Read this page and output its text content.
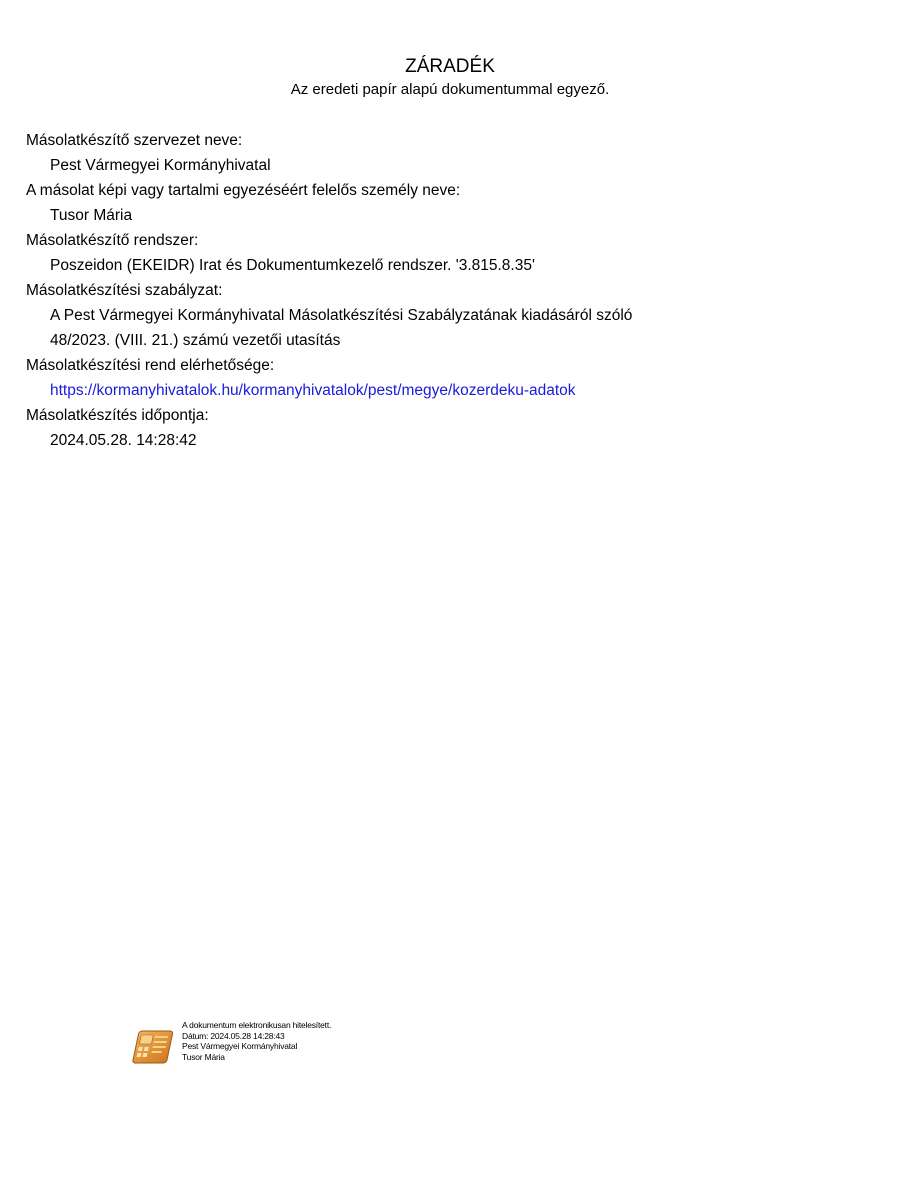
ZÁRADÉK
Az eredeti papír alapú dokumentummal egyező.
Másolatkészítő szervezet neve:
Pest Vármegyei Kormányhivatal
A másolat képi vagy tartalmi egyezéséért felelős személy neve:
Tusor Mária
Másolatkészítő rendszer:
Poszeidon (EKEIDR) Irat és Dokumentumkezelő rendszer. '3.815.8.35'
Másolatkészítési szabályzat:
A Pest Vármegyei Kormányhivatal Másolatkészítési Szabályzatának kiadásáról szóló
48/2023. (VIII. 21.) számú vezetői utasítás
Másolatkészítési rend elérhetősége:
https://kormanyhivatalok.hu/kormanyhivatalok/pest/megye/kozerdeku-adatok
Másolatkészítés időpontja:
2024.05.28. 14:28:42
A dokumentum elektronikusan hitelesített.
Dátum: 2024.05.28 14:28:43
Pest Vármegyei Kormányhivatal
Tusor Mária
